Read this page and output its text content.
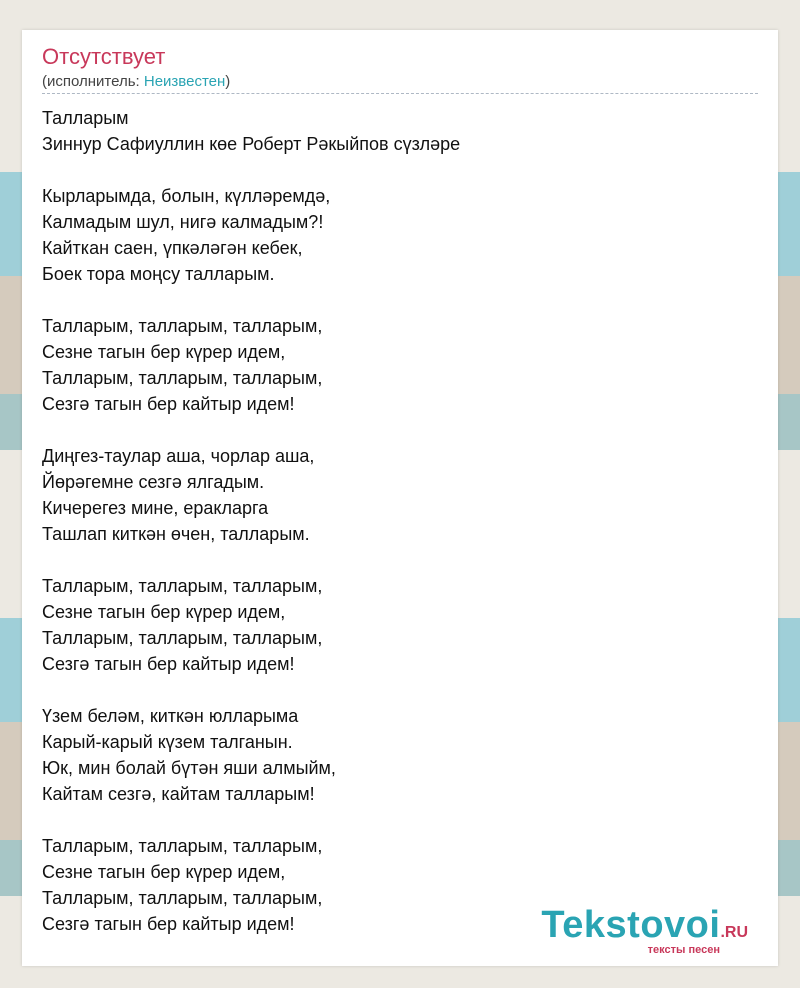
Отсутствует
(исполнитель: Неизвестен)
Талларым
Зиннур Сафиуллин көе Роберт Рәкыйпов сүзләре

Кырларымда, болын, күлләремдә,
Калмадым шул, нигә калмадым?!
Кайткан саен, үпкәләгән кебек,
Боек тора моңсу талларым.

Талларым, талларым, талларым,
Сезне тагын бер күрер идем,
Талларым, талларым, талларым,
Сезгә тагын бер кайтыр идем!

Диңгез-таулар аша, чорлар аша,
Йөрәгемне сезгә ялгадым.
Кичерегез мине, еракларга
Ташлап киткән өчен, талларым.

Талларым, талларым, талларым,
Сезне тагын бер күрер идем,
Талларым, талларым, талларым,
Сезгә тагын бер кайтыр идем!

Үзем беләм, киткән юлларыма
Карый-карый күзем талганын.
Юк, мин болай бүтән яши алмыйм,
Кайтам сезгә, кайтам талларым!

Талларым, талларым, талларым,
Сезне тагын бер күрер идем,
Талларым, талларым, талларым,
Сезгә тагын бер кайтыр идем!	Tekstovoi.RU
тексты песен
